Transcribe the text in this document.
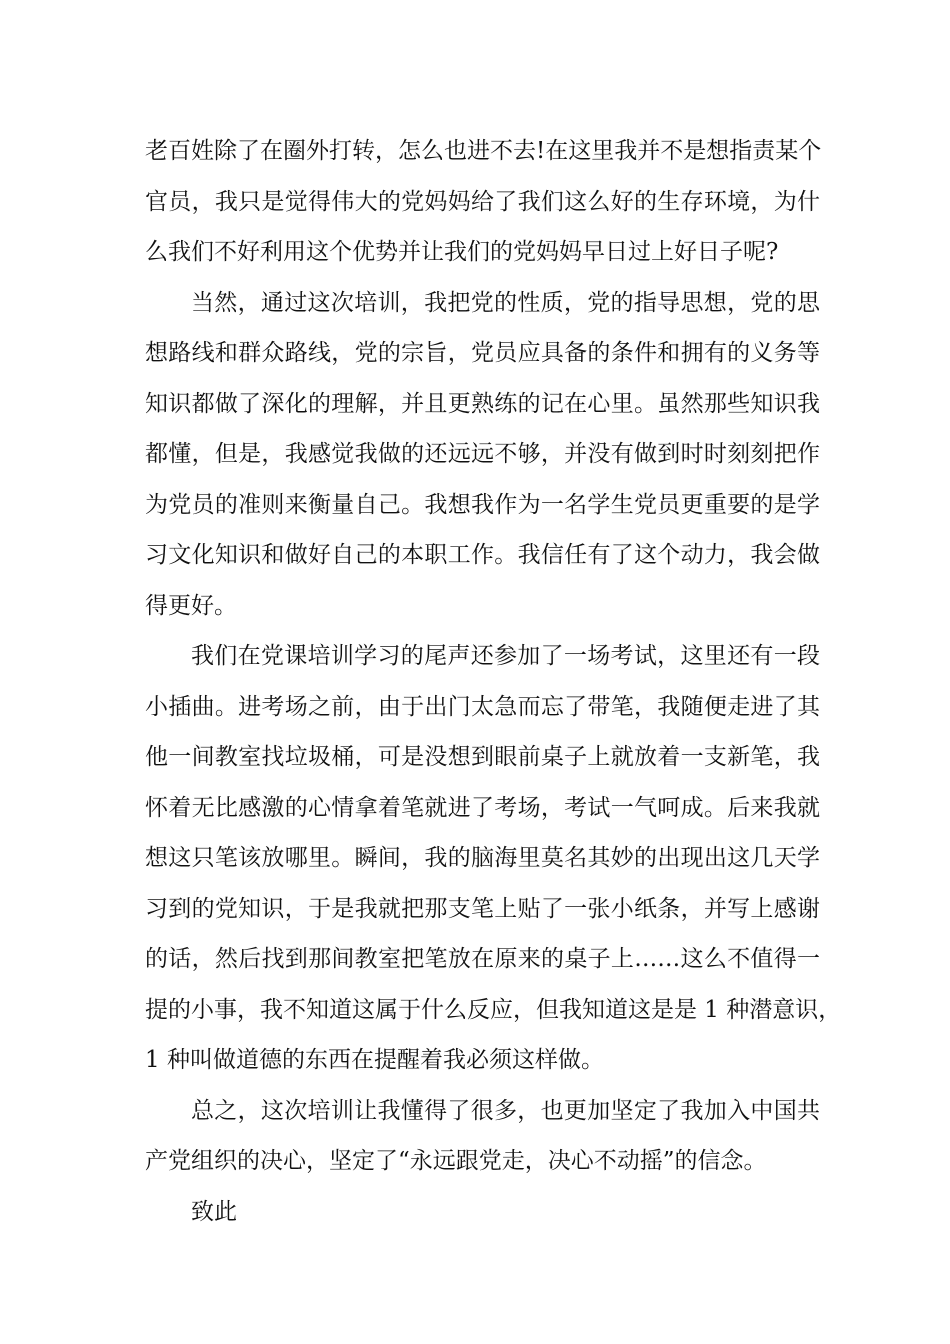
老百姓除了在圈外打转，怎么也进不去!在这里我并不是想指责某个
官员，我只是觉得伟大的党妈妈给了我们这么好的生存环境，为什
么我们不好利用这个优势并让我们的党妈妈早日过上好日子呢?
当然，通过这次培训，我把党的性质，党的指导思想，党的思
想路线和群众路线，党的宗旨，党员应具备的条件和拥有的义务等
知识都做了深化的理解，并且更熟练的记在心里。虽然那些知识我
都懂，但是，我感觉我做的还远远不够，并没有做到时时刻刻把作
为党员的准则来衡量自己。我想我作为一名学生党员更重要的是学
习文化知识和做好自己的本职工作。我信任有了这个动力，我会做
得更好。
我们在党课培训学习的尾声还参加了一场考试，这里还有一段
小插曲。进考场之前，由于出门太急而忘了带笔，我随便走进了其
他一间教室找垃圾桶，可是没想到眼前桌子上就放着一支新笔，我
怀着无比感激的心情拿着笔就进了考场，考试一气呵成。后来我就
想这只笔该放哪里。瞬间，我的脑海里莫名其妙的出现出这几天学
习到的党知识，于是我就把那支笔上贴了一张小纸条，并写上感谢
的话，然后找到那间教室把笔放在原来的桌子上……这么不值得一
提的小事，我不知道这属于什么反应，但我知道这是是 1 种潜意识，
1 种叫做道德的东西在提醒着我必须这样做。
总之，这次培训让我懂得了很多，也更加坚定了我加入中国共
产党组织的决心，坚定了“永远跟党走，决心不动摇”的信念。
致此
